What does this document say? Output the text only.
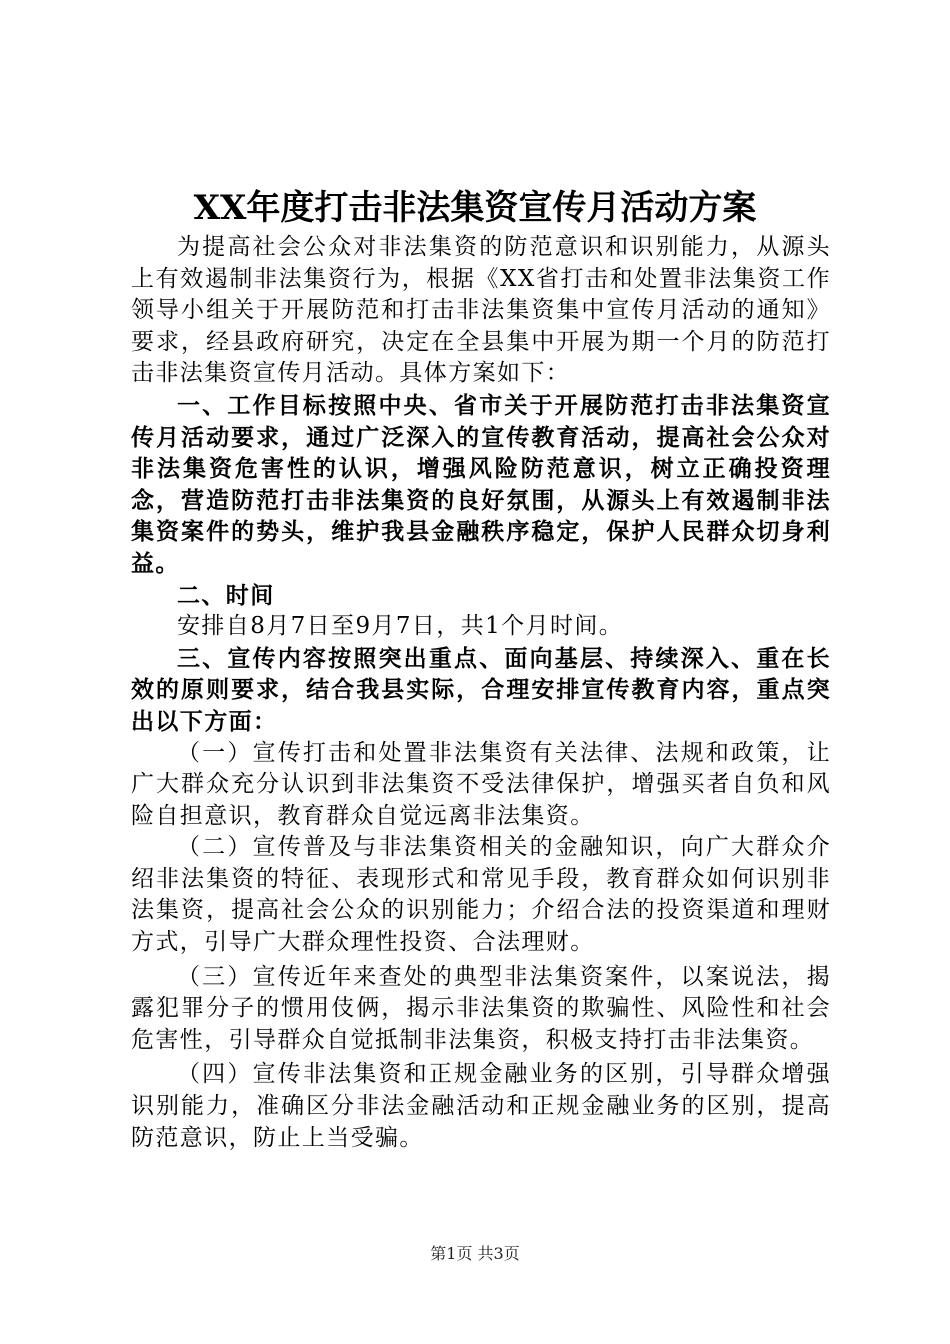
XX年度打击非法集资宣传月活动方案

为提高社会公众对非法集资的防范意识和识别能力，从源头上有效遏制非法集资行为，根据《XX省打击和处置非法集资工作领导小组关于开展防范和打击非法集资集中宣传月活动的通知》要求，经县政府研究，决定在全县集中开展为期一个月的防范打击非法集资宣传月活动。具体方案如下：

一、工作目标按照中央、省市关于开展防范打击非法集资宣传月活动要求，通过广泛深入的宣传教育活动，提高社会公众对非法集资危害性的认识，增强风险防范意识，树立正确投资理念，营造防范打击非法集资的良好氛围，从源头上有效遏制非法集资案件的势头，维护我县金融秩序稳定，保护人民群众切身利益。

二、时间

安排自8月7日至9月7日，共1个月时间。

三、宣传内容按照突出重点、面向基层、持续深入、重在长效的原则要求，结合我县实际，合理安排宣传教育内容，重点突出以下方面：

（一）宣传打击和处置非法集资有关法律、法规和政策，让广大群众充分认识到非法集资不受法律保护，增强买者自负和风险自担意识，教育群众自觉远离非法集资。

（二）宣传普及与非法集资相关的金融知识，向广大群众介绍非法集资的特征、表现形式和常见手段，教育群众如何识别非法集资，提高社会公众的识别能力；介绍合法的投资渠道和理财方式，引导广大群众理性投资、合法理财。

（三）宣传近年来查处的典型非法集资案件，以案说法，揭露犯罪分子的惯用伎俩，揭示非法集资的欺骗性、风险性和社会危害性，引导群众自觉抵制非法集资，积极支持打击非法集资。

（四）宣传非法集资和正规金融业务的区别，引导群众增强识别能力，准确区分非法金融活动和正规金融业务的区别，提高防范意识，防止上当受骗。

第1页 共3页
